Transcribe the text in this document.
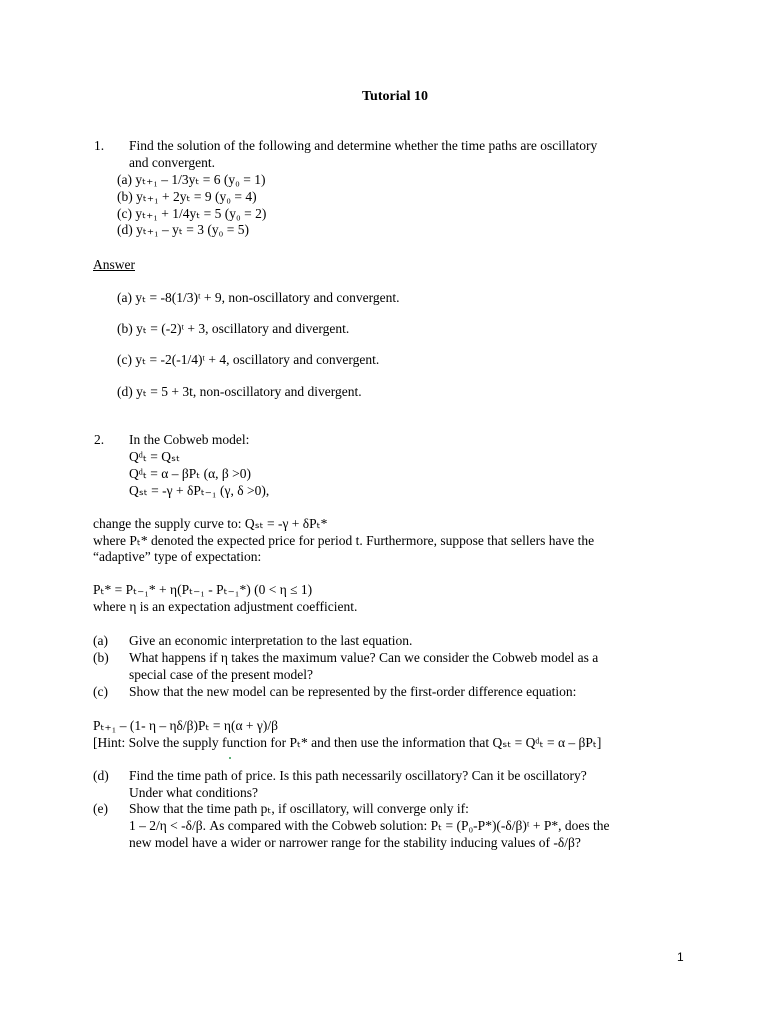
Tutorial 10
1. Find the solution of the following and determine whether the time paths are oscillatory
and convergent.
(a) yₜ₊₁ – 1/3yₜ = 6 (y₀ = 1)
(b) yₜ₊₁ + 2yₜ = 9 (y₀ = 4)
(c) yₜ₊₁ + 1/4yₜ = 5 (y₀ = 2)
(d) yₜ₊₁ – yₜ = 3 (y₀ = 5)
Answer
(a) yₜ = -8(1/3)ᵗ + 9, non-oscillatory and convergent.
(b) yₜ = (-2)ᵗ + 3, oscillatory and divergent.
(c) yₜ = -2(-1/4)ᵗ + 4, oscillatory and convergent.
(d) yₜ = 5 + 3t, non-oscillatory and divergent.
2. In the Cobweb model:
Qᵈₜ = Qₛₜ
Qᵈₜ = α – βPₜ (α, β >0)
Qₛₜ = -γ + δPₜ₋₁ (γ, δ >0),
change the supply curve to: Qₛₜ = -γ + δPₜ*
where Pₜ* denoted the expected price for period t. Furthermore, suppose that sellers have the
“adaptive” type of expectation:
Pₜ* = Pₜ₋₁* + η(Pₜ₋₁ - Pₜ₋₁*) (0 < η ≤ 1)
where η is an expectation adjustment coefficient.
(a) Give an economic interpretation to the last equation.
(b) What happens if η takes the maximum value? Can we consider the Cobweb model as a
special case of the present model?
(c) Show that the new model can be represented by the first-order difference equation:
Pₜ₊₁ – (1- η – ηδ/β)Pₜ = η(α + γ)/β
[Hint: Solve the supply function for Pₜ* and then use the information that Qₛₜ = Qᵈₜ = α – βPₜ]
(d) Find the time path of price. Is this path necessarily oscillatory? Can it be oscillatory?
Under what conditions?
(e) Show that the time path pₜ, if oscillatory, will converge only if:
1 – 2/η < -δ/β. As compared with the Cobweb solution: Pₜ = (P₀-P*)(-δ/β)ᵗ + P*, does the
new model have a wider or narrower range for the stability inducing values of -δ/β?
1
